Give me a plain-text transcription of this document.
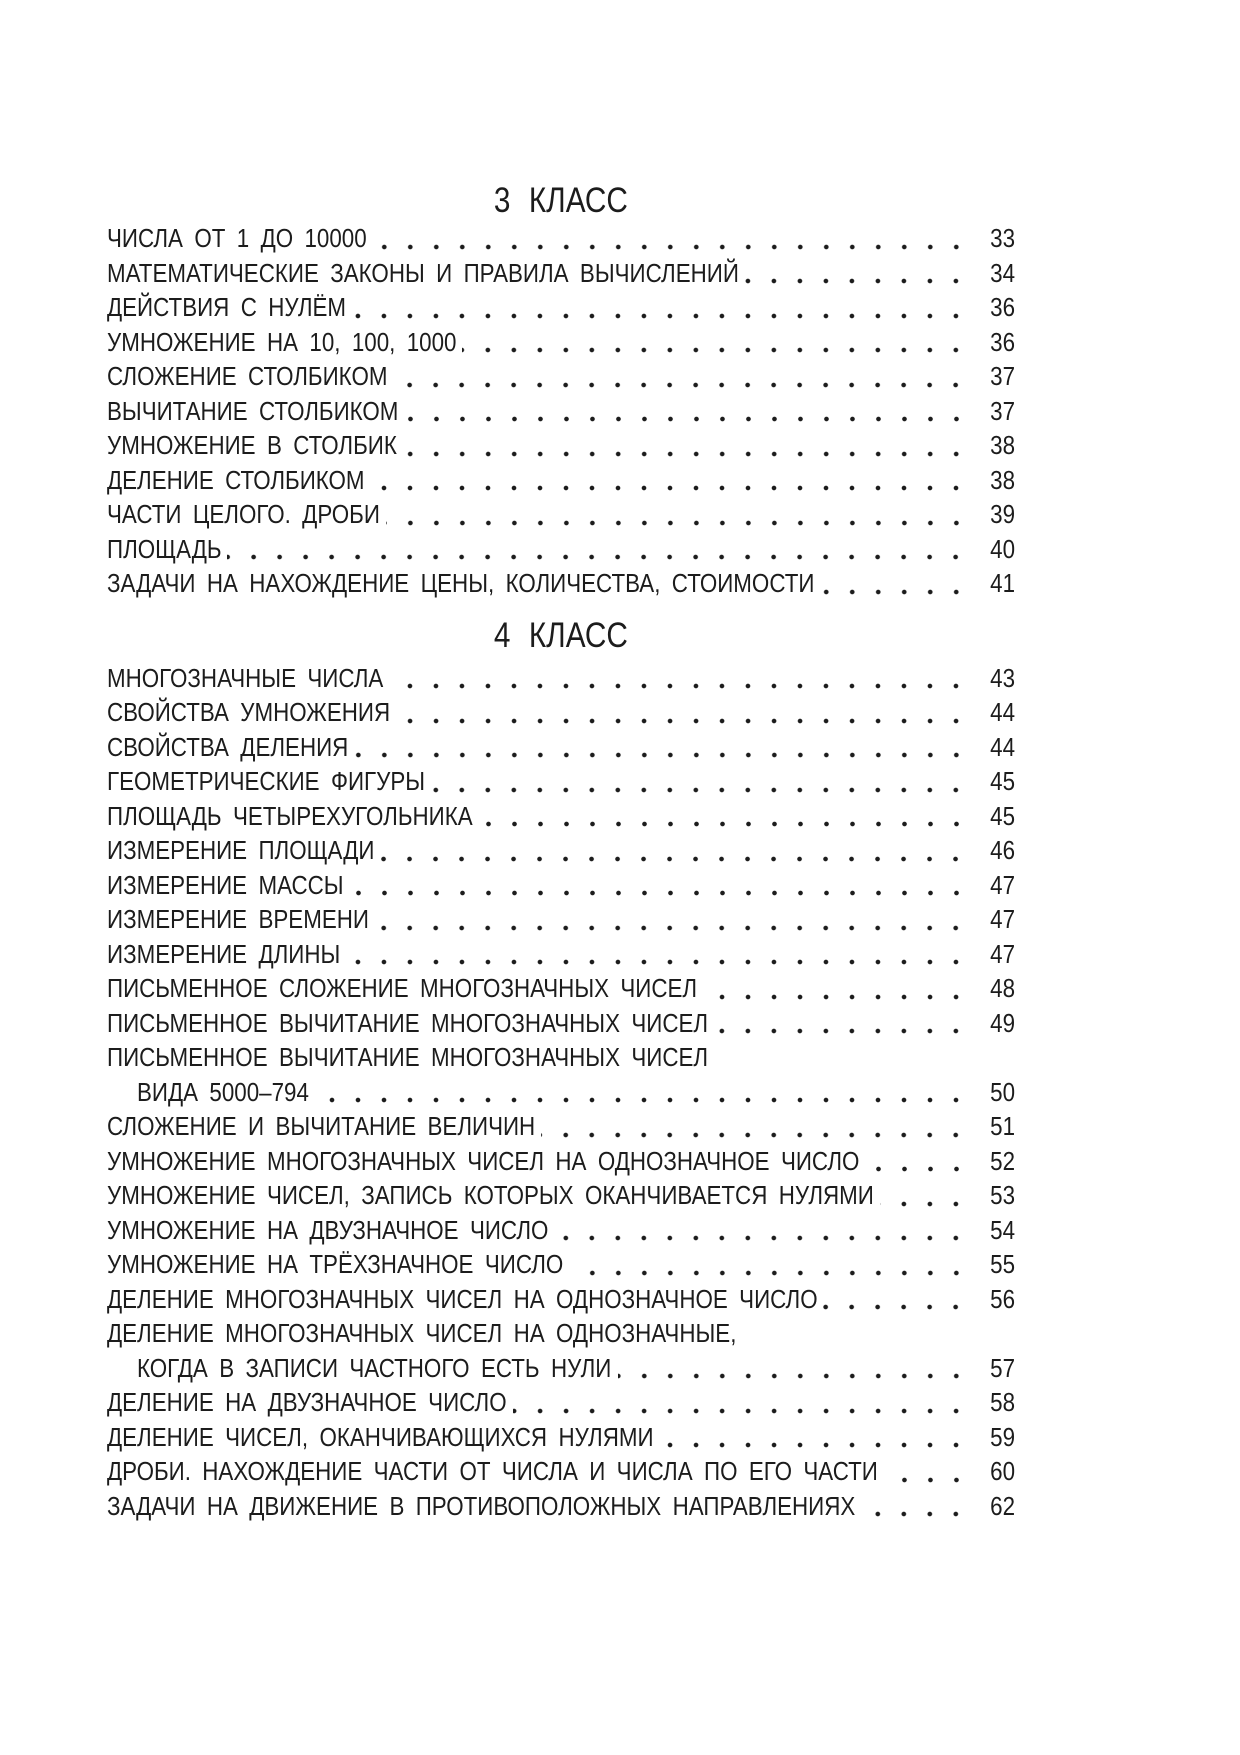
3 КЛАСС
ЧИСЛА ОТ 1 ДО 10000	33
МАТЕМАТИЧЕСКИЕ ЗАКОНЫ И ПРАВИЛА ВЫЧИСЛЕНИЙ	34
ДЕЙСТВИЯ С НУЛЁМ	36
УМНОЖЕНИЕ НА 10, 100, 1000	36
СЛОЖЕНИЕ СТОЛБИКОМ	37
ВЫЧИТАНИЕ СТОЛБИКОМ	37
УМНОЖЕНИЕ В СТОЛБИК	38
ДЕЛЕНИЕ СТОЛБИКОМ	38
ЧАСТИ ЦЕЛОГО. ДРОБИ	39
ПЛОЩАДЬ	40
ЗАДАЧИ НА НАХОЖДЕНИЕ ЦЕНЫ, КОЛИЧЕСТВА, СТОИМОСТИ	41
4 КЛАСС
МНОГОЗНАЧНЫЕ ЧИСЛА	43
СВОЙСТВА УМНОЖЕНИЯ	44
СВОЙСТВА ДЕЛЕНИЯ	44
ГЕОМЕТРИЧЕСКИЕ ФИГУРЫ	45
ПЛОЩАДЬ ЧЕТЫРЕХУГОЛЬНИКА	45
ИЗМЕРЕНИЕ ПЛОЩАДИ	46
ИЗМЕРЕНИЕ МАССЫ	47
ИЗМЕРЕНИЕ ВРЕМЕНИ	47
ИЗМЕРЕНИЕ ДЛИНЫ	47
ПИСЬМЕННОЕ СЛОЖЕНИЕ МНОГОЗНАЧНЫХ ЧИСЕЛ	48
ПИСЬМЕННОЕ ВЫЧИТАНИЕ МНОГОЗНАЧНЫХ ЧИСЕЛ	49
ПИСЬМЕННОЕ ВЫЧИТАНИЕ МНОГОЗНАЧНЫХ ЧИСЕЛ
ВИДА 5000–794	50
СЛОЖЕНИЕ И ВЫЧИТАНИЕ ВЕЛИЧИН	51
УМНОЖЕНИЕ МНОГОЗНАЧНЫХ ЧИСЕЛ НА ОДНОЗНАЧНОЕ ЧИСЛО	52
УМНОЖЕНИЕ ЧИСЕЛ, ЗАПИСЬ КОТОРЫХ ОКАНЧИВАЕТСЯ НУЛЯМИ	53
УМНОЖЕНИЕ НА ДВУЗНАЧНОЕ ЧИСЛО	54
УМНОЖЕНИЕ НА ТРЁХЗНАЧНОЕ ЧИСЛО	55
ДЕЛЕНИЕ МНОГОЗНАЧНЫХ ЧИСЕЛ НА ОДНОЗНАЧНОЕ ЧИСЛО	56
ДЕЛЕНИЕ МНОГОЗНАЧНЫХ ЧИСЕЛ НА ОДНОЗНАЧНЫЕ,
КОГДА В ЗАПИСИ ЧАСТНОГО ЕСТЬ НУЛИ	57
ДЕЛЕНИЕ НА ДВУЗНАЧНОЕ ЧИСЛО	58
ДЕЛЕНИЕ ЧИСЕЛ, ОКАНЧИВАЮЩИХСЯ НУЛЯМИ	59
ДРОБИ. НАХОЖДЕНИЕ ЧАСТИ ОТ ЧИСЛА И ЧИСЛА ПО ЕГО ЧАСТИ	60
ЗАДАЧИ НА ДВИЖЕНИЕ В ПРОТИВОПОЛОЖНЫХ НАПРАВЛЕНИЯХ	62
